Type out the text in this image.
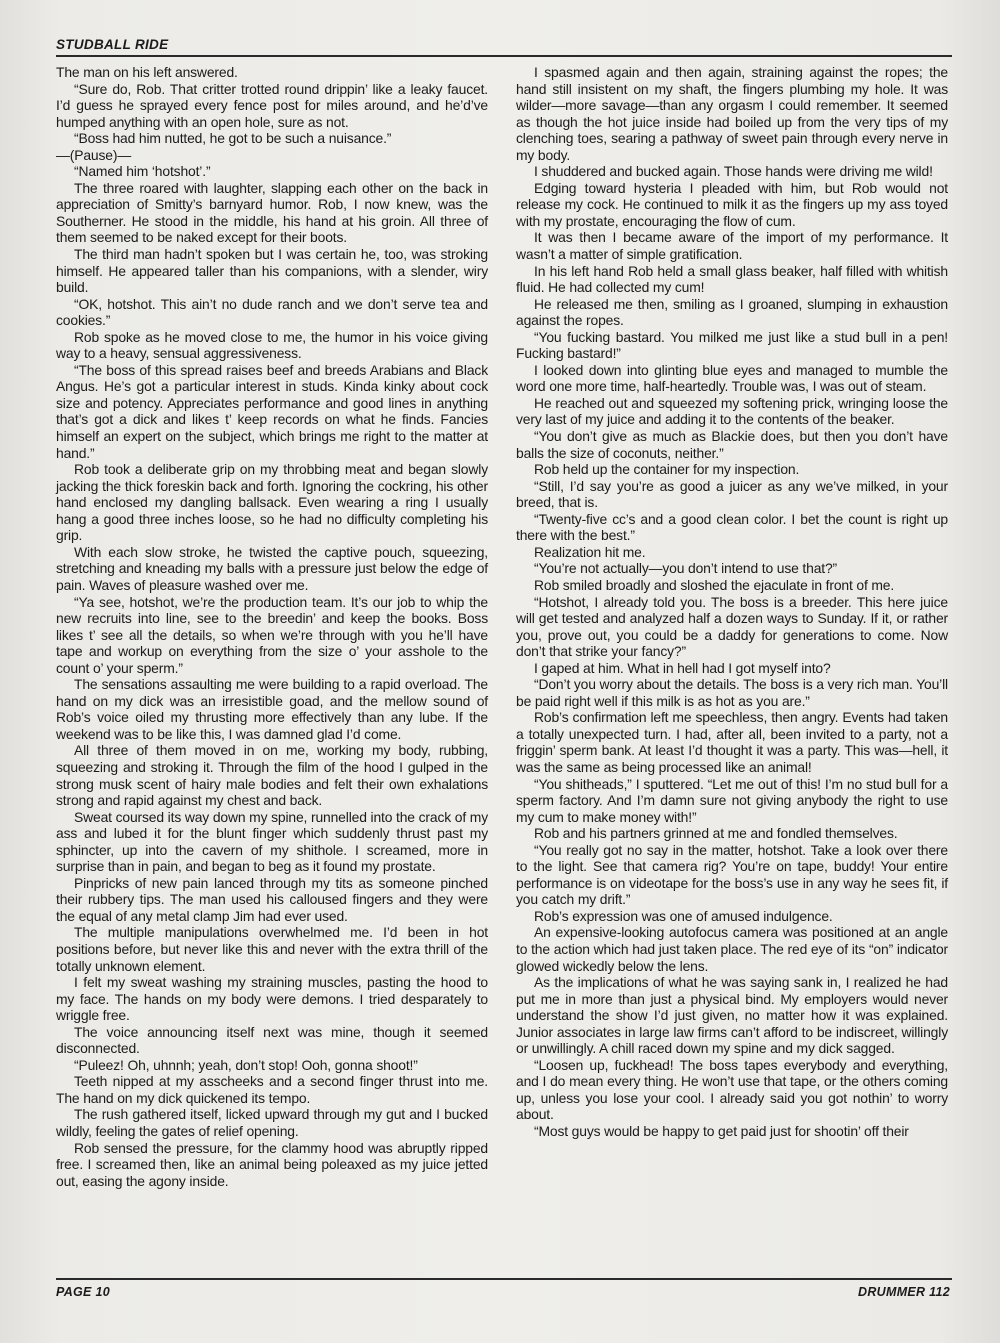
STUDBALL RIDE

The man on his left answered.

“Sure do, Rob. That critter trotted round drippin’ like a leaky faucet. I’d guess he sprayed every fence post for miles around, and he’d’ve humped anything with an open hole, sure as not.

“Boss had him nutted, he got to be such a nuisance.”

—(Pause)—

“Named him ‘hotshot’.”

The three roared with laughter, slapping each other on the back in appreciation of Smitty’s barnyard humor. Rob, I now knew, was the Southerner. He stood in the middle, his hand at his groin. All three of them seemed to be naked except for their boots.

The third man hadn’t spoken but I was certain he, too, was stroking himself. He appeared taller than his companions, with a slender, wiry build.

“OK, hotshot. This ain’t no dude ranch and we don’t serve tea and cookies.”

Rob spoke as he moved close to me, the humor in his voice giving way to a heavy, sensual aggressiveness.

“The boss of this spread raises beef and breeds Arabians and Black Angus. He’s got a particular interest in studs. Kinda kinky about cock size and potency. Appreciates performance and good lines in anything that’s got a dick and likes t’ keep records on what he finds. Fancies himself an expert on the subject, which brings me right to the matter at hand.”

Rob took a deliberate grip on my throbbing meat and began slowly jacking the thick foreskin back and forth. Ignoring the cockring, his other hand enclosed my dangling ballsack. Even wearing a ring I usually hang a good three inches loose, so he had no difficulty completing his grip.

With each slow stroke, he twisted the captive pouch, squeezing, stretching and kneading my balls with a pressure just below the edge of pain. Waves of pleasure washed over me.

“Ya see, hotshot, we’re the production team. It’s our job to whip the new recruits into line, see to the breedin’ and keep the books. Boss likes t’ see all the details, so when we’re through with you he’ll have tape and workup on everything from the size o’ your asshole to the count o’ your sperm.”

The sensations assaulting me were building to a rapid overload. The hand on my dick was an irresistible goad, and the mellow sound of Rob’s voice oiled my thrusting more effectively than any lube. If the weekend was to be like this, I was damned glad I’d come.

All three of them moved in on me, working my body, rubbing, squeezing and stroking it. Through the film of the hood I gulped in the strong musk scent of hairy male bodies and felt their own exhalations strong and rapid against my chest and back.

Sweat coursed its way down my spine, runnelled into the crack of my ass and lubed it for the blunt finger which suddenly thrust past my sphincter, up into the cavern of my shithole. I screamed, more in surprise than in pain, and began to beg as it found my prostate.

Pinpricks of new pain lanced through my tits as someone pinched their rubbery tips. The man used his calloused fingers and they were the equal of any metal clamp Jim had ever used.

The multiple manipulations overwhelmed me. I’d been in hot positions before, but never like this and never with the extra thrill of the totally unknown element.

I felt my sweat washing my straining muscles, pasting the hood to my face. The hands on my body were demons. I tried desparately to wriggle free.

The voice announcing itself next was mine, though it seemed disconnected.

“Puleez! Oh, uhnnh; yeah, don’t stop! Ooh, gonna shoot!”

Teeth nipped at my asscheeks and a second finger thrust into me. The hand on my dick quickened its tempo.

The rush gathered itself, licked upward through my gut and I bucked wildly, feeling the gates of relief opening.

Rob sensed the pressure, for the clammy hood was abruptly ripped free. I screamed then, like an animal being poleaxed as my juice jetted out, easing the agony inside.

I spasmed again and then again, straining against the ropes; the hand still insistent on my shaft, the fingers plumbing my hole. It was wilder—more savage—than any orgasm I could remember. It seemed as though the hot juice inside had boiled up from the very tips of my clenching toes, searing a pathway of sweet pain through every nerve in my body.

I shuddered and bucked again. Those hands were driving me wild!

Edging toward hysteria I pleaded with him, but Rob would not release my cock. He continued to milk it as the fingers up my ass toyed with my prostate, encouraging the flow of cum.

It was then I became aware of the import of my performance. It wasn’t a matter of simple gratification.

In his left hand Rob held a small glass beaker, half filled with whitish fluid. He had collected my cum!

He released me then, smiling as I groaned, slumping in exhaustion against the ropes.

“You fucking bastard. You milked me just like a stud bull in a pen! Fucking bastard!”

I looked down into glinting blue eyes and managed to mumble the word one more time, half-heartedly. Trouble was, I was out of steam.

He reached out and squeezed my softening prick, wringing loose the very last of my juice and adding it to the contents of the beaker.

“You don’t give as much as Blackie does, but then you don’t have balls the size of coconuts, neither.”

Rob held up the container for my inspection.

“Still, I’d say you’re as good a juicer as any we’ve milked, in your breed, that is.

“Twenty-five cc’s and a good clean color. I bet the count is right up there with the best.”

Realization hit me.

“You’re not actually—you don’t intend to use that?”

Rob smiled broadly and sloshed the ejaculate in front of me.

“Hotshot, I already told you. The boss is a breeder. This here juice will get tested and analyzed half a dozen ways to Sunday. If it, or rather you, prove out, you could be a daddy for generations to come. Now don’t that strike your fancy?”

I gaped at him. What in hell had I got myself into?

“Don’t you worry about the details. The boss is a very rich man. You’ll be paid right well if this milk is as hot as you are.”

Rob’s confirmation left me speechless, then angry. Events had taken a totally unexpected turn. I had, after all, been invited to a party, not a friggin’ sperm bank. At least I’d thought it was a party. This was—hell, it was the same as being processed like an animal!

“You shitheads,” I sputtered. “Let me out of this! I’m no stud bull for a sperm factory. And I’m damn sure not giving anybody the right to use my cum to make money with!”

Rob and his partners grinned at me and fondled themselves.

“You really got no say in the matter, hotshot. Take a look over there to the light. See that camera rig? You’re on tape, buddy! Your entire performance is on videotape for the boss’s use in any way he sees fit, if you catch my drift.”

Rob’s expression was one of amused indulgence.

An expensive-looking autofocus camera was positioned at an angle to the action which had just taken place. The red eye of its “on” indicator glowed wickedly below the lens.

As the implications of what he was saying sank in, I realized he had put me in more than just a physical bind. My employers would never understand the show I’d just given, no matter how it was explained. Junior associates in large law firms can’t afford to be indiscreet, willingly or unwillingly. A chill raced down my spine and my dick sagged.

“Loosen up, fuckhead! The boss tapes everybody and everything, and I do mean every thing. He won’t use that tape, or the others coming up, unless you lose your cool. I already said you got nothin’ to worry about.

“Most guys would be happy to get paid just for shootin’ off their

PAGE 10	DRUMMER 112
